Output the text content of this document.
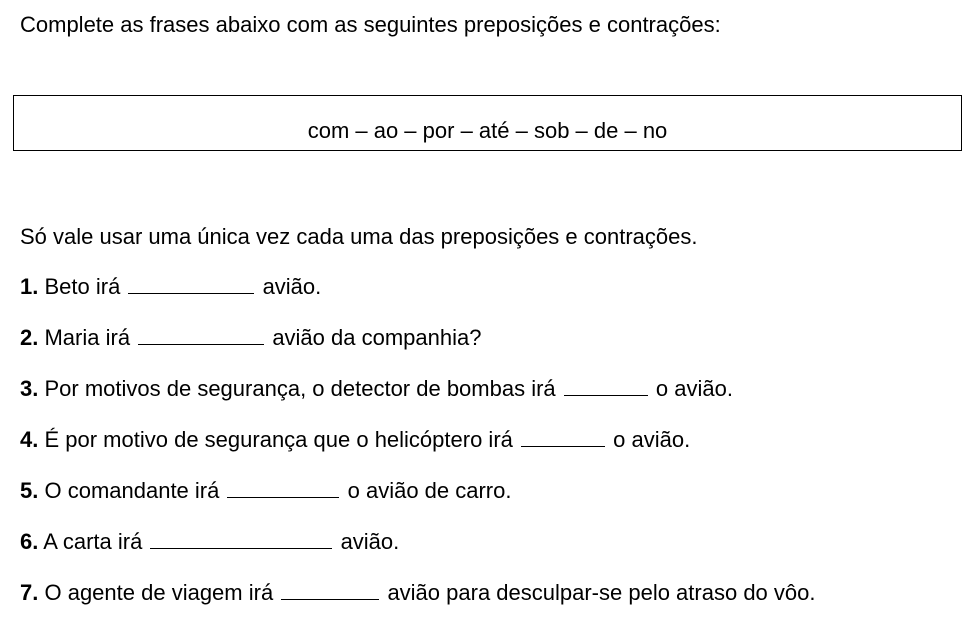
Complete as frases abaixo com as seguintes preposições e contrações:

com – ao – por – até – sob – de – no
Só vale usar uma única vez cada uma das preposições e contrações.

1. Beto irá	avião.

2. Maria irá	avião da companhia?

3. Por motivos de segurança, o detector de bombas irá	o avião.

4. É por motivo de segurança que o helicóptero irá	o avião.

5. O comandante irá	o avião de carro.

6. A carta irá	avião.

7. O agente de viagem irá	avião para desculpar-se pelo atraso do vôo.
